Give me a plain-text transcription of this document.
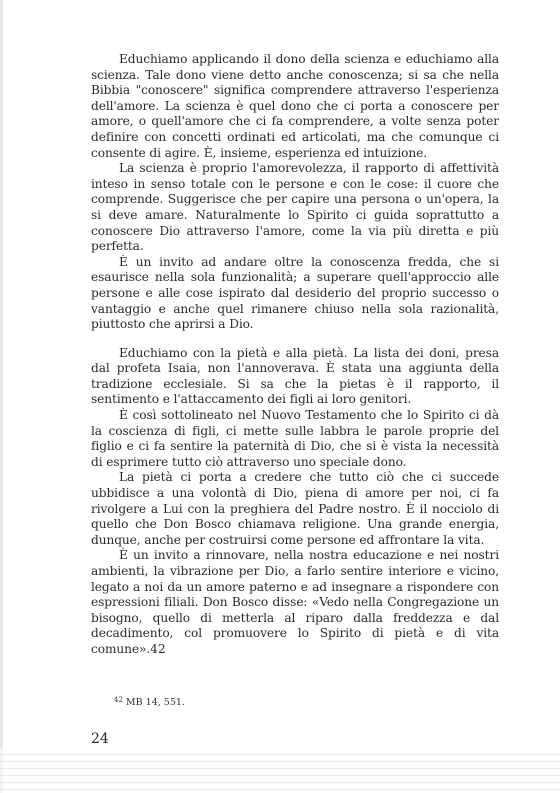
Educhiamo applicando il dono della scienza e educhiamo alla scienza. Tale dono viene detto anche conoscenza; si sa che nella Bibbia "conoscere" significa comprendere attraverso l'esperienza dell'amore. La scienza è quel dono che ci porta a conoscere per amore, o quell'amore che ci fa comprendere, a volte senza poter definire con concetti ordinati ed articolati, ma che comunque ci consente di agire. È, insieme, esperienza ed intuizione.

La scienza è proprio l'amorevolezza, il rapporto di affettività inteso in senso totale con le persone e con le cose: il cuore che comprende. Suggerisce che per capire una persona o un'opera, la si deve amare. Naturalmente lo Spirito ci guida soprattutto a conoscere Dio attraverso l'amore, come la via più diretta e più perfetta.

È un invito ad andare oltre la conoscenza fredda, che si esaurisce nella sola funzionalità; a superare quell'approccio alle persone e alle cose ispirato dal desiderio del proprio successo o vantaggio e anche quel rimanere chiuso nella sola razionalità, piuttosto che aprirsi a Dio.

Educhiamo con la pietà e alla pietà. La lista dei doni, presa dal profeta Isaia, non l'annoverava. È stata una aggiunta della tradizione ecclesiale. Si sa che la pietas è il rapporto, il sentimento e l'attaccamento dei figli ai loro genitori.

È così sottolineato nel Nuovo Testamento che lo Spirito ci dà la coscienza di figli, ci mette sulle labbra le parole proprie del figlio e ci fa sentire la paternità di Dio, che si è vista la necessità di esprimere tutto ciò attraverso uno speciale dono.

La pietà ci porta a credere che tutto ciò che ci succede ubbidisce a una volontà di Dio, piena di amore per noi, ci fa rivolgere a Lui con la preghiera del Padre nostro. È il nocciolo di quello che Don Bosco chiamava religione. Una grande energia, dunque, anche per costruirsi come persone ed affrontare la vita.

È un invito a rinnovare, nella nostra educazione e nei nostri ambienti, la vibrazione per Dio, a farlo sentire interiore e vicino, legato a noi da un amore paterno e ad insegnare a rispondere con espressioni filiali. Don Bosco disse: «Vedo nella Congregazione un bisogno, quello di metterla al riparo dalla freddezza e dal decadimento, col promuovere lo Spirito di pietà e di vita comune».42

$^{42}$ MB 14, 551.
24
